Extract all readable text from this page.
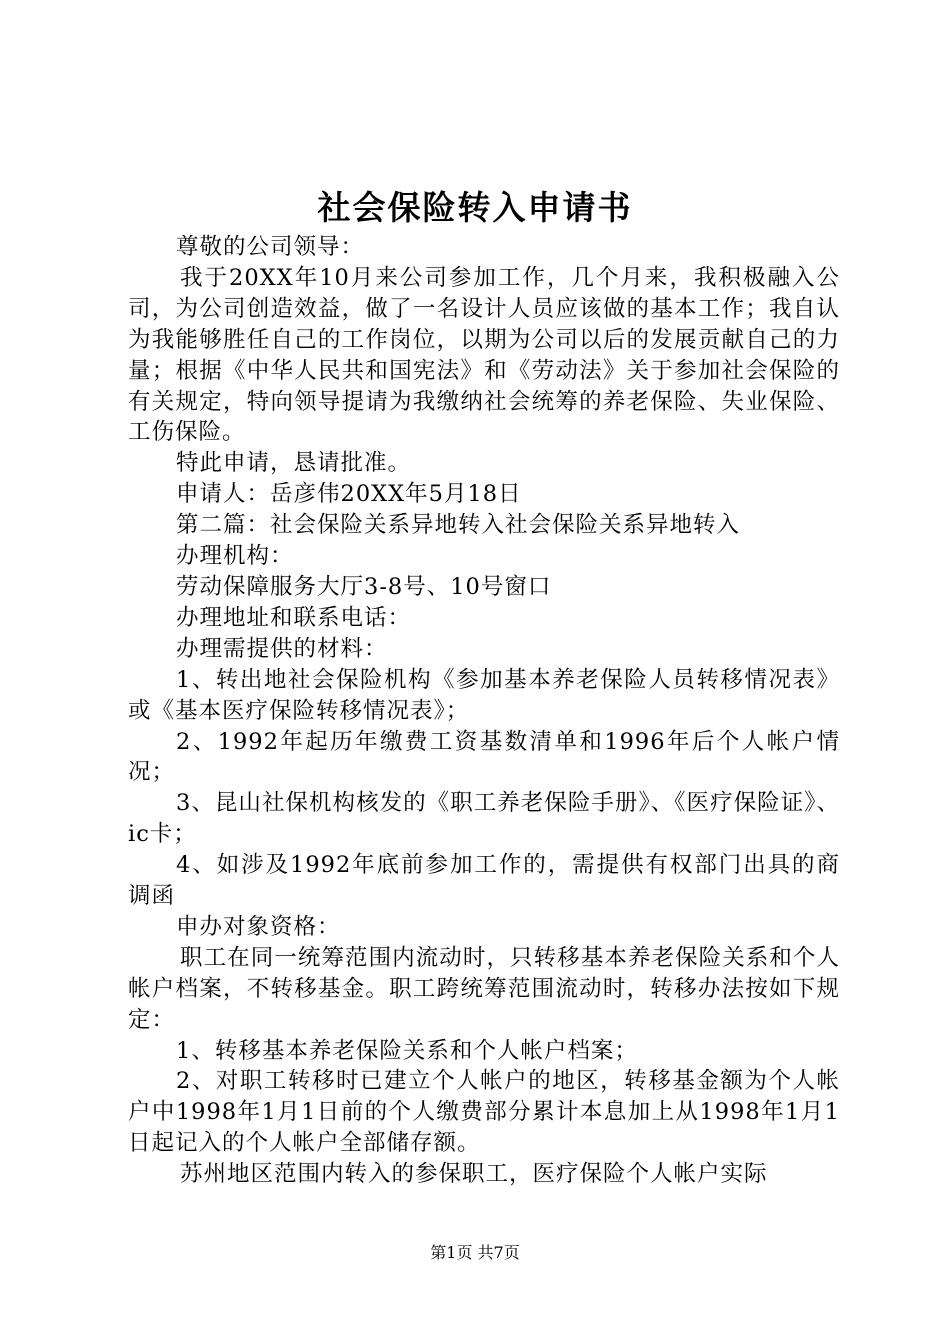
社会保险转入申请书

尊敬的公司领导：

我于20XX年10月来公司参加工作，几个月来，我积极融入公司，为公司创造效益，做了一名设计人员应该做的基本工作；我自认为我能够胜任自己的工作岗位，以期为公司以后的发展贡献自己的力量；根据《中华人民共和国宪法》和《劳动法》关于参加社会保险的有关规定，特向领导提请为我缴纳社会统筹的养老保险、失业保险、工伤保险。

特此申请，恳请批准。

申请人：岳彦伟20XX年5月18日

第二篇：社会保险关系异地转入社会保险关系异地转入

办理机构：

劳动保障服务大厅3-8号、10号窗口

办理地址和联系电话：

办理需提供的材料：

1、转出地社会保险机构《参加基本养老保险人员转移情况表》或《基本医疗保险转移情况表》；

2、1992年起历年缴费工资基数清单和1996年后个人帐户情况；

3、昆山社保机构核发的《职工养老保险手册》、《医疗保险证》、ic卡；

4、如涉及1992年底前参加工作的，需提供有权部门出具的商调函

申办对象资格：

职工在同一统筹范围内流动时，只转移基本养老保险关系和个人帐户档案，不转移基金。职工跨统筹范围流动时，转移办法按如下规定：

1、转移基本养老保险关系和个人帐户档案；

2、对职工转移时已建立个人帐户的地区，转移基金额为个人帐户中1998年1月1日前的个人缴费部分累计本息加上从1998年1月1日起记入的个人帐户全部储存额。

苏州地区范围内转入的参保职工，医疗保险个人帐户实际

第1页 共7页
